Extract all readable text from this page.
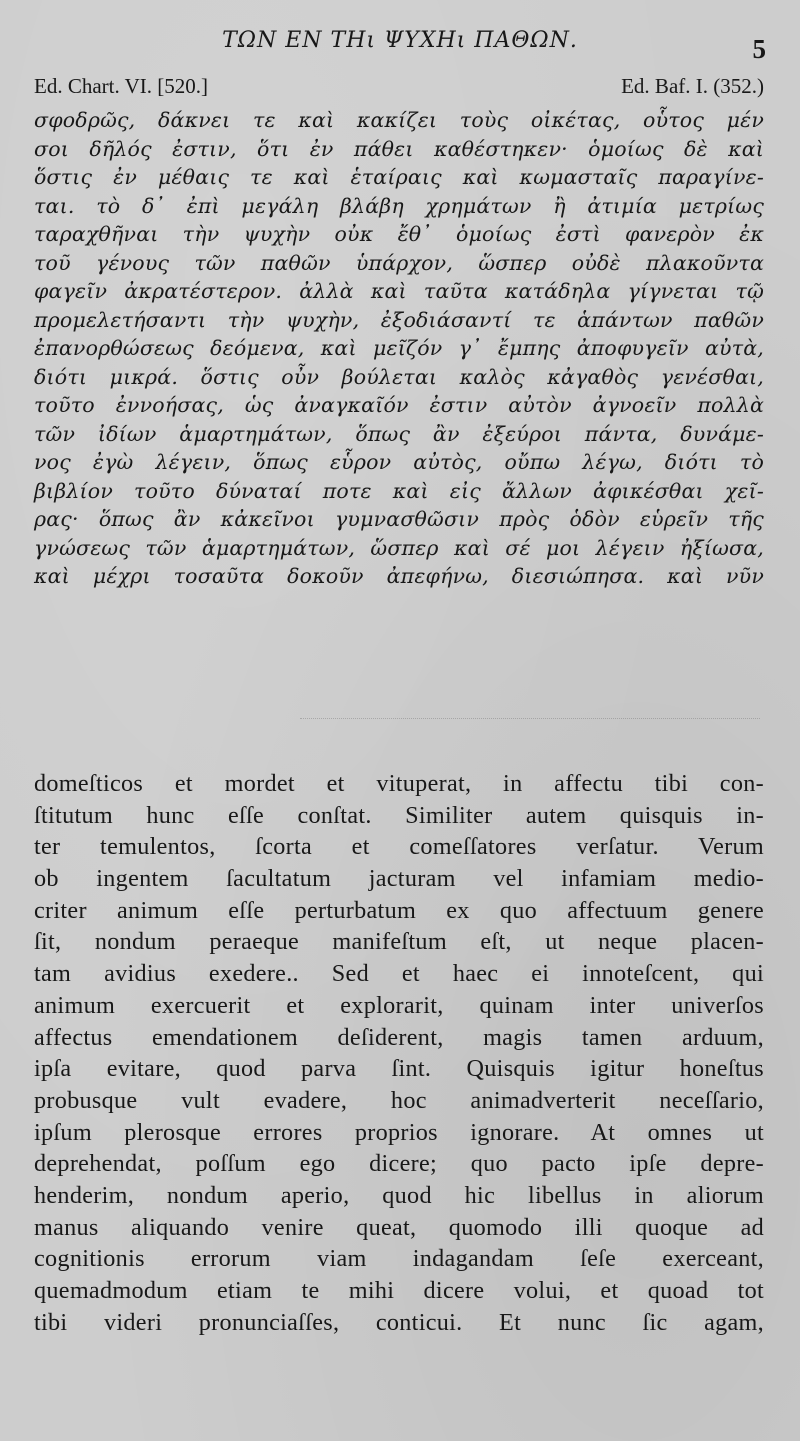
ΤΩΝ ΕΝ ΤΗι ΨΥΧΗι ΠΑΘΩΝ.	5
Ed. Chart. VI. [520.]	Ed. Baf. I. (352.)
σφοδρῶς, δάκνει τε καὶ κακίζει τοὺς οἰκέτας, οὗτος μέν
σοι δῆλός ἐστιν, ὅτι ἐν πάθει καθέστηκεν· ὁμοίως δὲ καὶ
ὅστις ἐν μέθαις τε καὶ ἑταίραις καὶ κωμασταῖς παραγίνε-
ται. τὸ δ᾽ ἐπὶ μεγάλη βλάβη χρημάτων ἢ ἀτιμία μετρίως
ταραχθῆναι τὴν ψυχὴν οὐκ ἔθ᾽ ὁμοίως ἐστὶ φανερὸν ἐκ
τοῦ γένους τῶν παθῶν ὑπάρχον, ὥσπερ οὐδὲ πλακοῦντα
φαγεῖν ἀκρατέστερον. ἀλλὰ καὶ ταῦτα κατάδηλα γίγνεται τῷ
προμελετήσαντι τὴν ψυχὴν, ἐξοδιάσαντί τε ἁπάντων παθῶν
ἐπανορθώσεως δεόμενα, καὶ μεῖζόν γ᾽ ἔμπης ἀποφυγεῖν αὐτὰ,
διότι μικρά. ὅστις οὖν βούλεται καλὸς κἀγαθὸς γενέσθαι,
τοῦτο ἐννοήσας, ὡς ἀναγκαῖόν ἐστιν αὐτὸν ἀγνοεῖν πολλὰ
τῶν ἰδίων ἁμαρτημάτων, ὅπως ἂν ἐξεύροι πάντα, δυνάμε-
νος ἐγὼ λέγειν, ὅπως εὗρον αὐτὸς, οὔπω λέγω, διότι τὸ
βιβλίον τοῦτο δύναταί ποτε καὶ εἰς ἄλλων ἀφικέσθαι χεῖ-
ρας· ὅπως ἂν κἀκεῖνοι γυμνασθῶσιν πρὸς ὁδὸν εὑρεῖν τῆς
γνώσεως τῶν ἁμαρτημάτων, ὥσπερ καὶ σέ μοι λέγειν ἠξίωσα,
καὶ μέχρι τοσαῦτα δοκοῦν ἀπεφήνω, διεσιώπησα. καὶ νῦν
domeſticos et mordet et vituperat, in affectu tibi con-
ſtitutum hunc eſſe conſtat. Similiter autem quisquis in-
ter temulentos, ſcorta et comeſſatores verſatur. Verum
ob ingentem ſacultatum jacturam vel infamiam medio-
criter animum eſſe perturbatum ex quo affectuum genere
ſit, nondum peraeque manifeſtum eſt, ut neque placen-
tam avidius exedere.. Sed et haec ei innoteſcent, qui
animum exercuerit et explorarit, quinam inter univerſos
affectus emendationem deſiderent, magis tamen arduum,
ipſa evitare, quod parva ſint. Quisquis igitur honeſtus
probusque vult evadere, hoc animadverterit neceſſario,
ipſum plerosque errores proprios ignorare. At omnes ut
deprehendat, poſſum ego dicere; quo pacto ipſe depre-
henderim, nondum aperio, quod hic libellus in aliorum
manus aliquando venire queat, quomodo illi quoque ad
cognitionis errorum viam indagandam ſeſe exerceant,
quemadmodum etiam te mihi dicere volui, et quoad tot
tibi videri pronunciaſſes, conticui. Et nunc ſic agam,
